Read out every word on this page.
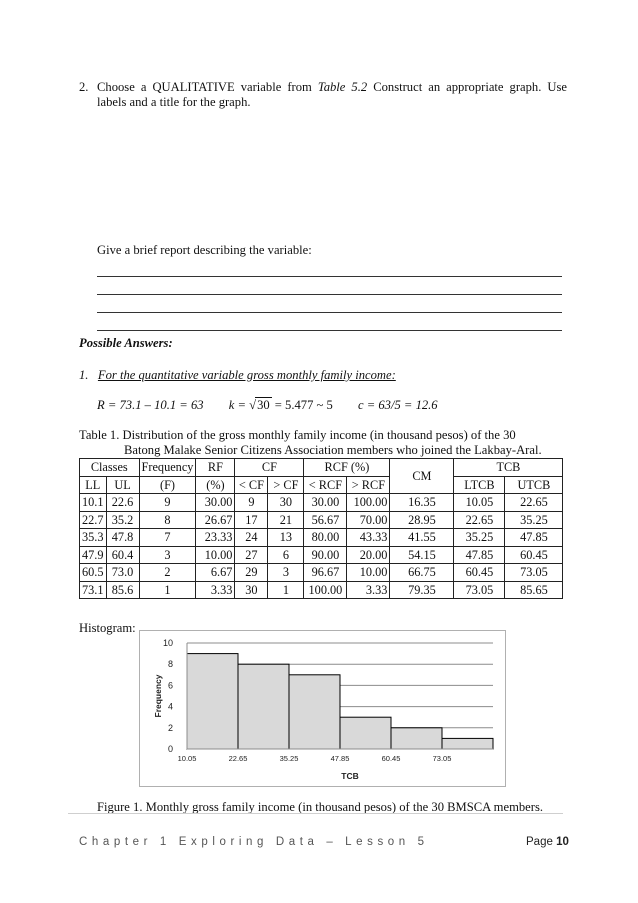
2. Choose a QUALITATIVE variable from Table 5.2 Construct an appropriate graph. Use labels and a title for the graph.
Give a brief report describing the variable:
Possible Answers:
1. For the quantitative variable gross monthly family income:
R = 73.1 – 10.1 = 63 k = √30 = 5.477 ~ 5 c = 63/5 = 12.6
Table 1. Distribution of the gross monthly family income (in thousand pesos) of the 30
Batong Malake Senior Citizens Association members who joined the Lakbay-Aral.
Classes		Frequency	RF	CF		RCF (%)		CM	TCB	
LL	UL	(F)	(%)	< CF	> CF	< RCF	> RCF		LTCB	UTCB
10.1	22.6	9	30.00	9	30	30.00	100.00	16.35	10.05	22.65
22.7	35.2	8	26.67	17	21	56.67	70.00	28.95	22.65	35.25
35.3	47.8	7	23.33	24	13	80.00	43.33	41.55	35.25	47.85
47.9	60.4	3	10.00	27	6	90.00	20.00	54.15	47.85	60.45
60.5	73.0	2	6.67	29	3	96.67	10.00	66.75	60.45	73.05
73.1	85.6	1	3.33	30	1	100.00	3.33	79.35	73.05	85.65
Histogram:
0
2
4
6
8
10
10.05	22.65	35.25	47.85	60.45	73.05
TCB
Frequency
Figure 1. Monthly gross family income (in thousand pesos) of the 30 BMSCA members.
Chapter 1 Exploring Data – Lesson 5	Page 10
